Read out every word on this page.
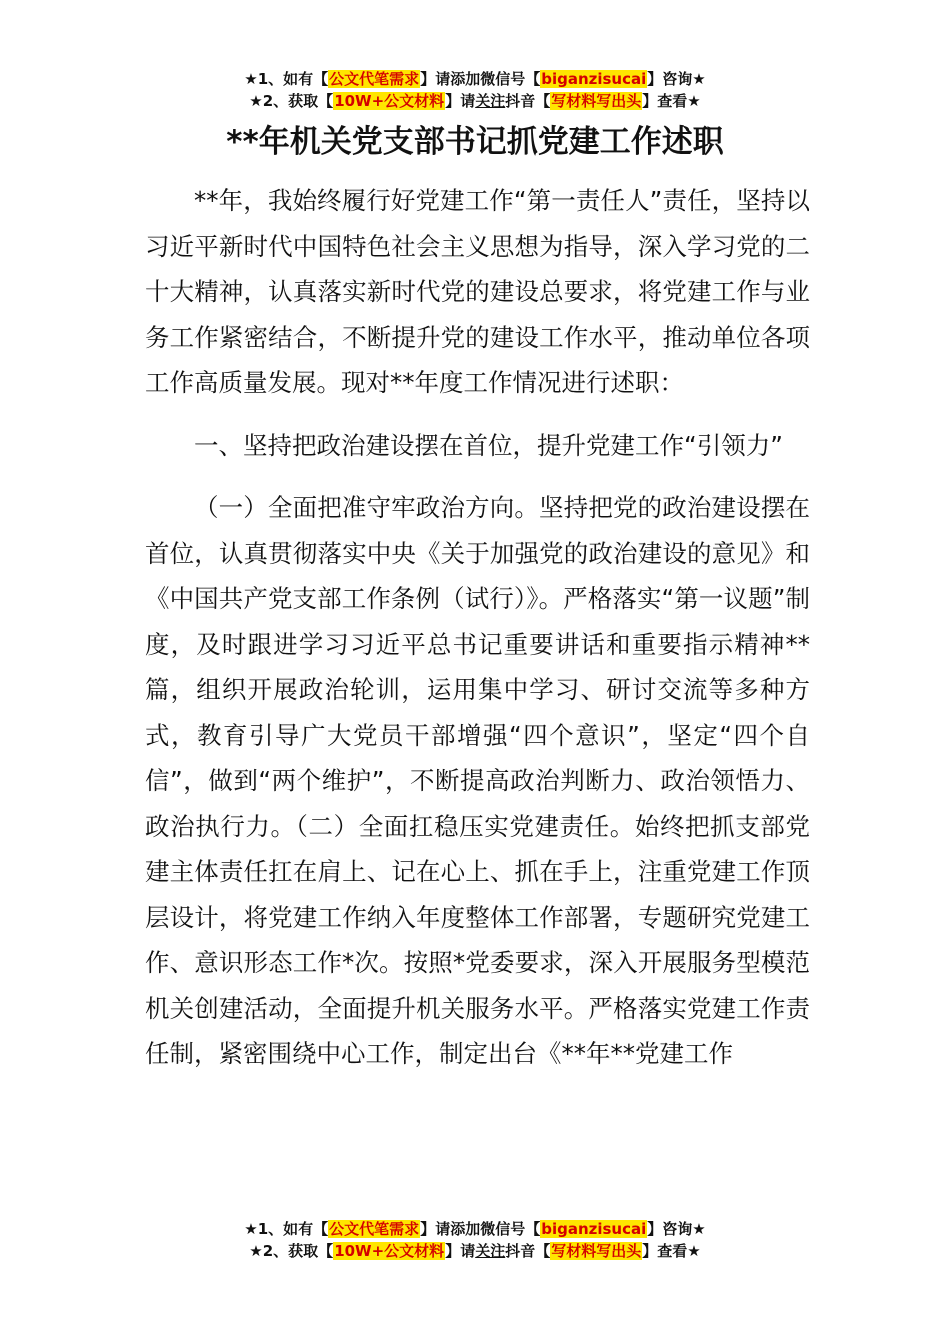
★1、如有【公文代笔需求】请添加微信号【biganzisucai】咨询★
★2、获取【10W+公文材料】请关注抖音【写材料写出头】查看★
**年机关党支部书记抓党建工作述职

**年，我始终履行好党建工作“第一责任人”责任，坚持以习近平新时代中国特色社会主义思想为指导，深入学习党的二十大精神，认真落实新时代党的建设总要求，将党建工作与业务工作紧密结合，不断提升党的建设工作水平，推动单位各项工作高质量发展。现对**年度工作情况进行述职：

一、坚持把政治建设摆在首位，提升党建工作“引领力”

（一）全面把准守牢政治方向。坚持把党的政治建设摆在首位，认真贯彻落实中央《关于加强党的政治建设的意见》和《中国共产党支部工作条例（试行）》。严格落实“第一议题”制度，及时跟进学习习近平总书记重要讲话和重要指示精神**篇，组织开展政治轮训，运用集中学习、研讨交流等多种方式，教育引导广大党员干部增强“四个意识”，坚定“四个自信”，做到“两个维护”，不断提高政治判断力、政治领悟力、政治执行力。（二）全面扛稳压实党建责任。始终把抓支部党建主体责任扛在肩上、记在心上、抓在手上，注重党建工作顶层设计，将党建工作纳入年度整体工作部署，专题研究党建工作、意识形态工作*次。按照*党委要求，深入开展服务型模范机关创建活动，全面提升机关服务水平。严格落实党建工作责任制，紧密围绕中心工作，制定出台《**年**党建工作

★1、如有【公文代笔需求】请添加微信号【biganzisucai】咨询★
★2、获取【10W+公文材料】请关注抖音【写材料写出头】查看★
